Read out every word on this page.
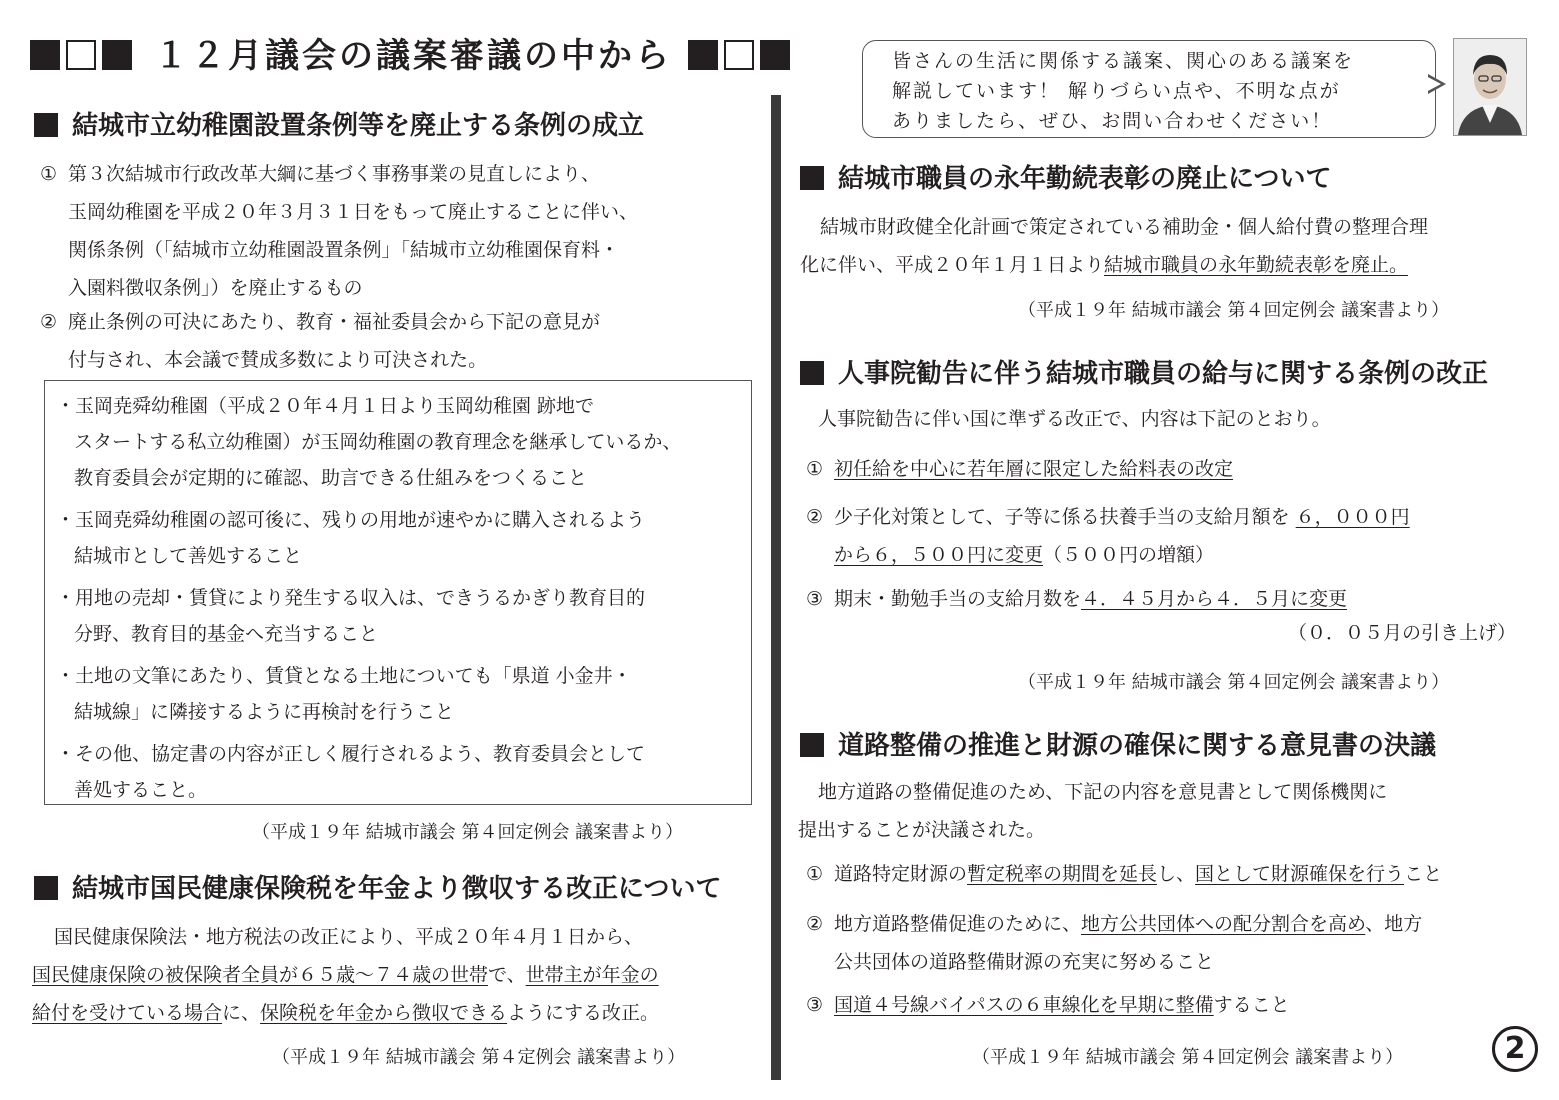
１２月議会の議案審議の中から	皆さんの生活に関係する議案、関心のある議案を
解説しています！ 解りづらい点や、不明な点が
ありましたら、ぜひ、お問い合わせください！
結城市立幼稚園設置条例等を廃止する条例の成立
① 第３次結城市行政改革大綱に基づく事務事業の見直しにより、
玉岡幼稚園を平成２０年３月３１日をもって廃止することに伴い、
関係条例（「結城市立幼稚園設置条例」「結城市立幼稚園保育料・
入園料徴収条例」）を廃止するもの
② 廃止条例の可決にあたり、教育・福祉委員会から下記の意見が
付与され、本会議で賛成多数により可決された。
・玉岡尭舜幼稚園（平成２０年４月１日より玉岡幼稚園 跡地で
スタートする私立幼稚園）が玉岡幼稚園の教育理念を継承しているか、
教育委員会が定期的に確認、助言できる仕組みをつくること
・玉岡尭舜幼稚園の認可後に、残りの用地が速やかに購入されるよう
結城市として善処すること
・用地の売却・賃貸により発生する収入は、できうるかぎり教育目的
分野、教育目的基金へ充当すること
・土地の文筆にあたり、賃貸となる土地についても「県道 小金井・
結城線」に隣接するように再検討を行うこと
・その他、協定書の内容が正しく履行されるよう、教育委員会として
善処すること。
（平成１９年 結城市議会 第４回定例会 議案書より）
結城市国民健康保険税を年金より徴収する改正について
国民健康保険法・地方税法の改正により、平成２０年４月１日から、
国民健康保険の被保険者全員が６５歳〜７４歳の世帯で、世帯主が年金の
給付を受けている場合に、保険税を年金から徴収できるようにする改正。
（平成１９年 結城市議会 第４定例会 議案書より）
結城市職員の永年勤続表彰の廃止について
結城市財政健全化計画で策定されている補助金・個人給付費の整理合理
化に伴い、平成２０年１月１日より結城市職員の永年勤続表彰を廃止。
（平成１９年 結城市議会 第４回定例会 議案書より）
人事院勧告に伴う結城市職員の給与に関する条例の改正
人事院勧告に伴い国に準ずる改正で、内容は下記のとおり。
① 初任給を中心に若年層に限定した給料表の改定
② 少子化対策として、子等に係る扶養手当の支給月額を ６，０００円
から６，５００円に変更（５００円の増額）
③ 期末・勤勉手当の支給月数を４．４５月から４．５月に変更
（０．０５月の引き上げ）
（平成１９年 結城市議会 第４回定例会 議案書より）
道路整備の推進と財源の確保に関する意見書の決議
地方道路の整備促進のため、下記の内容を意見書として関係機関に
提出することが決議された。
① 道路特定財源の暫定税率の期間を延長し、国として財源確保を行うこと
② 地方道路整備促進のために、地方公共団体への配分割合を高め、地方
公共団体の道路整備財源の充実に努めること
③ 国道４号線バイパスの６車線化を早期に整備すること
（平成１９年 結城市議会 第４回定例会 議案書より）	2
